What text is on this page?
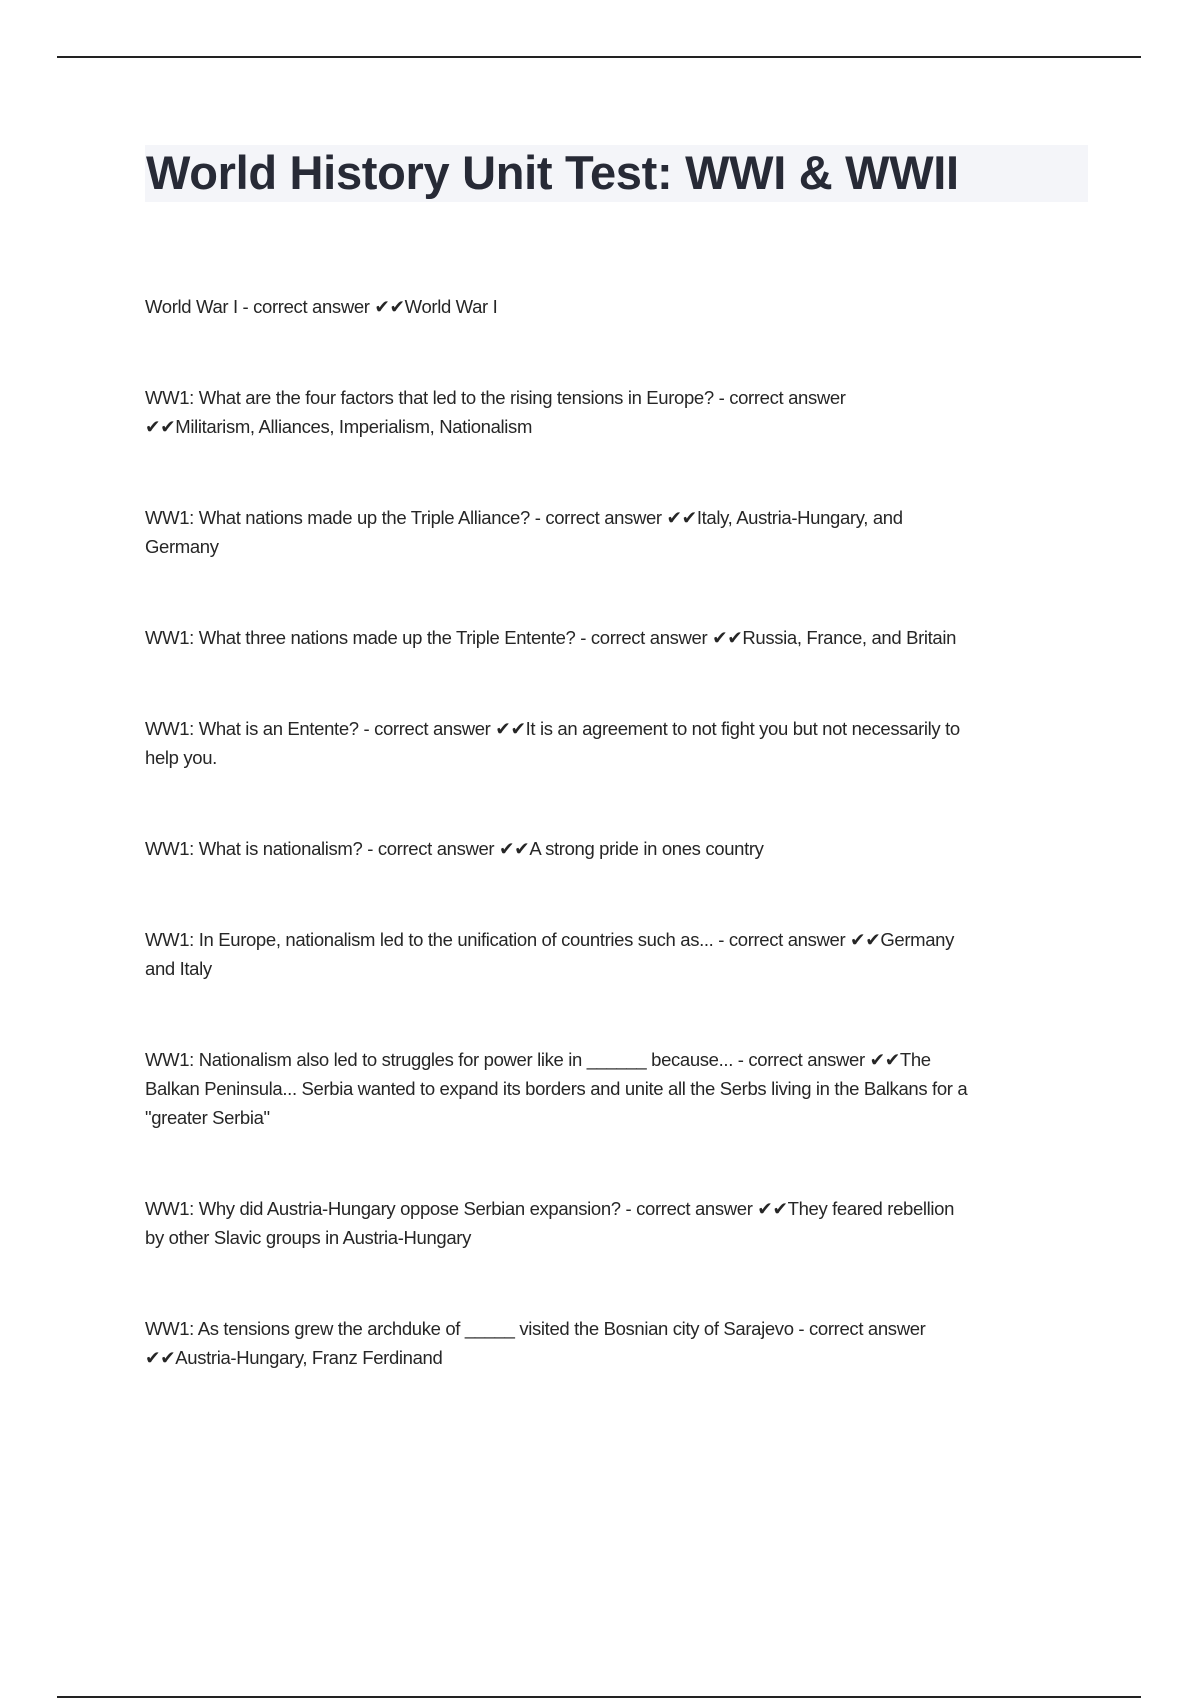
World History Unit Test: WWI & WWII
World War I - correct answer ✔✔World War I
WW1: What are the four factors that led to the rising tensions in Europe? - correct answer
✔✔Militarism, Alliances, Imperialism, Nationalism
WW1: What nations made up the Triple Alliance? - correct answer ✔✔Italy, Austria-Hungary, and
Germany
WW1: What three nations made up the Triple Entente? - correct answer ✔✔Russia, France, and Britain
WW1: What is an Entente? - correct answer ✔✔It is an agreement to not fight you but not necessarily to
help you.
WW1: What is nationalism? - correct answer ✔✔A strong pride in ones country
WW1: In Europe, nationalism led to the unification of countries such as... - correct answer ✔✔Germany
and Italy
WW1: Nationalism also led to struggles for power like in ______ because... - correct answer ✔✔The
Balkan Peninsula... Serbia wanted to expand its borders and unite all the Serbs living in the Balkans for a
"greater Serbia"
WW1: Why did Austria-Hungary oppose Serbian expansion? - correct answer ✔✔They feared rebellion
by other Slavic groups in Austria-Hungary
WW1: As tensions grew the archduke of _____ visited the Bosnian city of Sarajevo - correct answer
✔✔Austria-Hungary, Franz Ferdinand
